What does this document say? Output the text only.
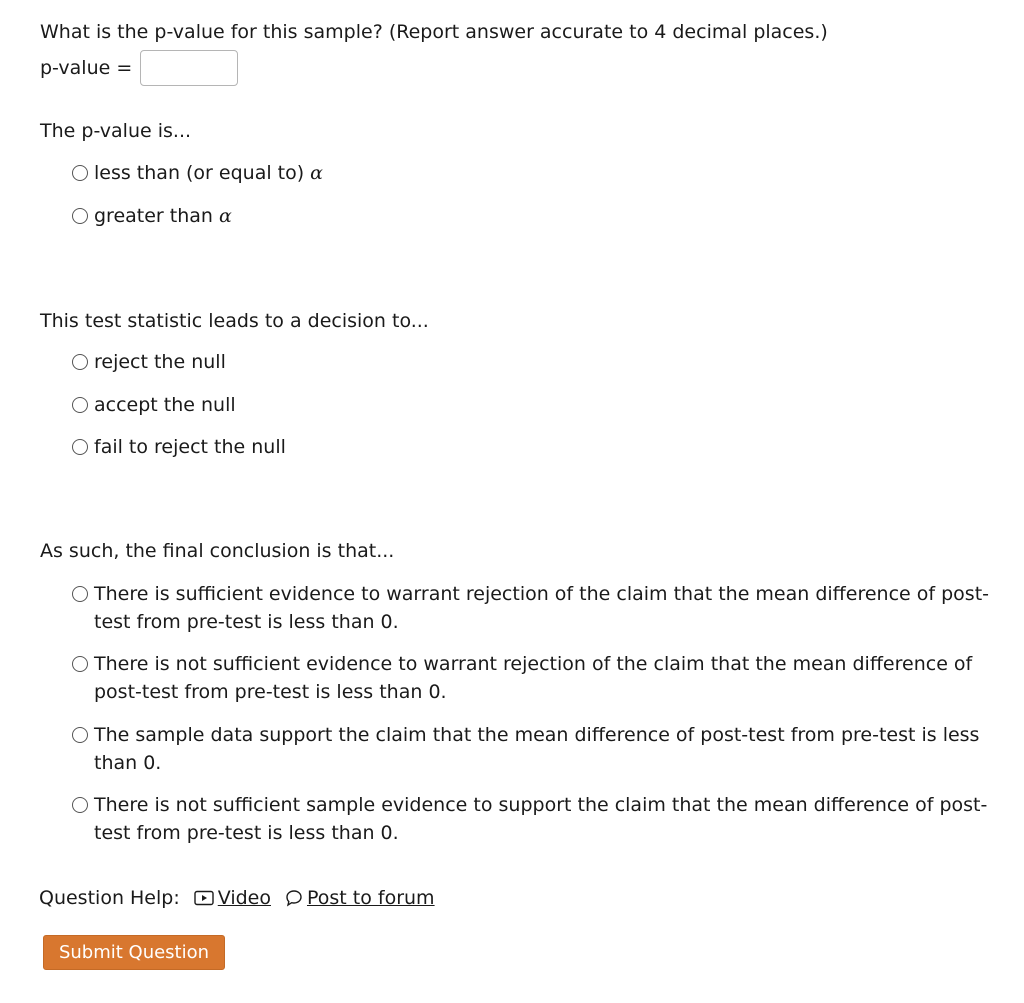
What is the p-value for this sample? (Report answer accurate to 4 decimal places.)
p-value =
The p-value is...
less than (or equal to) α
greater than α
This test statistic leads to a decision to...
reject the null
accept the null
fail to reject the null
As such, the final conclusion is that...
There is sufficient evidence to warrant rejection of the claim that the mean difference of post-
test from pre-test is less than 0.
There is not sufficient evidence to warrant rejection of the claim that the mean difference of
post-test from pre-test is less than 0.
The sample data support the claim that the mean difference of post-test from pre-test is less
than 0.
There is not sufficient sample evidence to support the claim that the mean difference of post-
test from pre-test is less than 0.
Question Help: Video Post to forum
Submit Question
